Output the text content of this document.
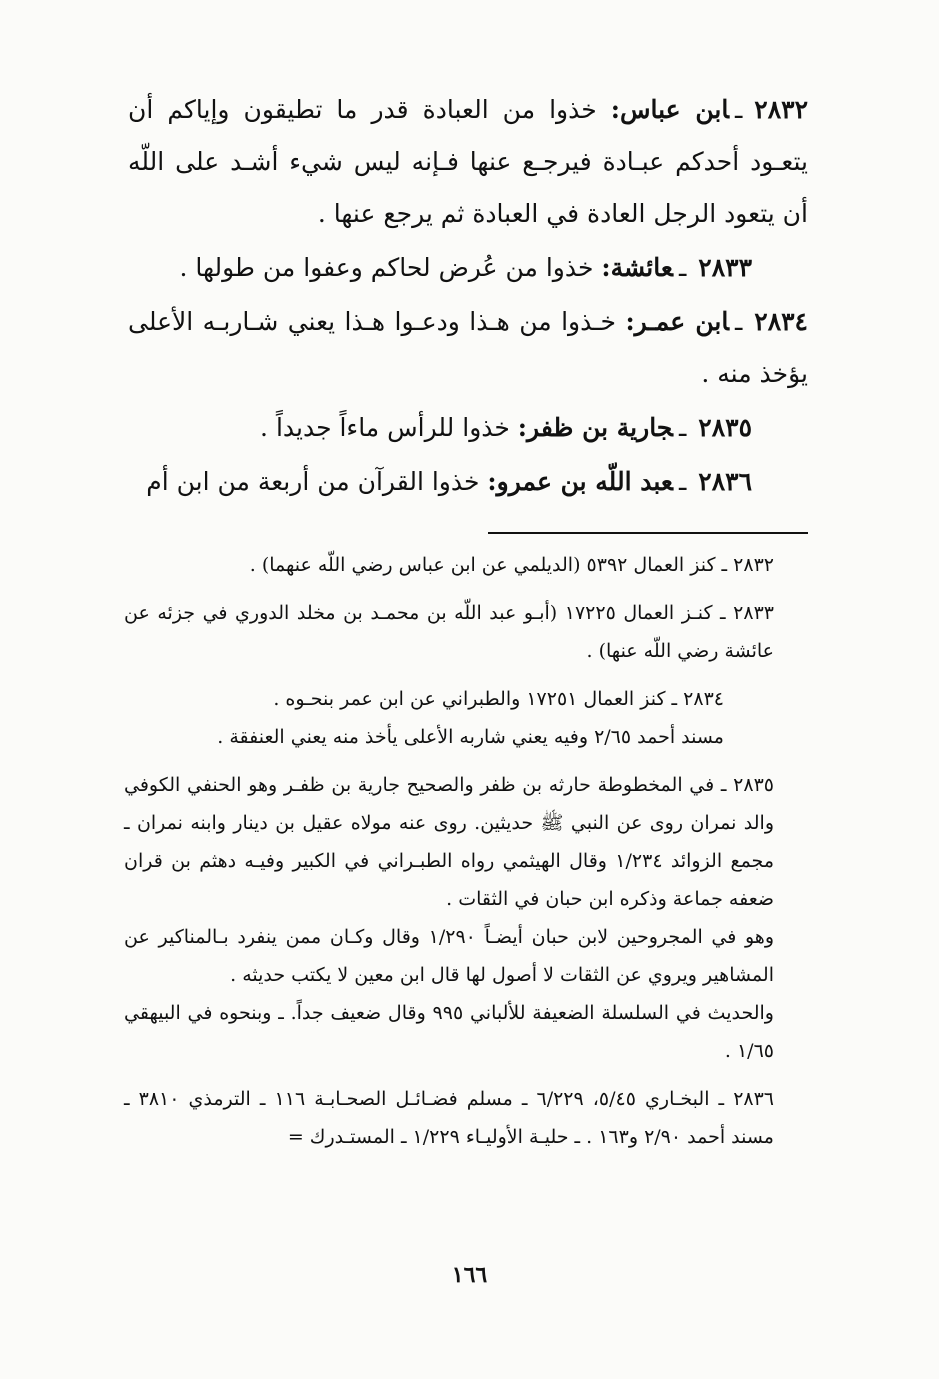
٢٨٣٢ـابن عباس: خذوا من العبادة قدر ما تطيقون وإياكم أن يتعـود أحدكم عبـادة فيرجـع عنها فـإنه ليس شيء أشـد على اللّه أن يتعود الرجل العادة في العبادة ثم يرجع عنها .

٢٨٣٣ـعائشة: خذوا من عُرض لحاكم وعفوا من طولها .

٢٨٣٤ـابن عمـر: خـذوا من هـذا ودعـوا هـذا يعني شـاربـه الأعلى يؤخذ منه .

٢٨٣٥ـجارية بن ظفر: خذوا للرأس ماءاً جديداً .

٢٨٣٦ـعبد اللّه بن عمرو: خذوا القرآن من أربعة من ابن أم

٢٨٣٢ ـ كنز العمال ٥٣٩٢ (الديلمي عن ابن عباس رضي اللّه عنهما) .

٢٨٣٣ ـ كنـز العمال ١٧٢٢٥ (أبـو عبد اللّه بن محمـد بن مخلد الدوري في جزئه عن عائشة رضي اللّه عنها) .

٢٨٣٤ ـ كنز العمال ١٧٢٥١ والطبراني عن ابن عمر بنحـوه .
مسند أحمد ٢/٦٥ وفيه يعني شاربه الأعلى يأخذ منه يعني العنفقة .

٢٨٣٥ ـ في المخطوطة حارثه بن ظفر والصحيح جارية بن ظفـر وهو الحنفي الكوفي والد نمران روى عن النبي ﷺ حديثين. روى عنه مولاه عقيل بن دينار وابنه نمران ـ مجمع الزوائد ١/٢٣٤ وقال الهيثمي رواه الطبـراني في الكبير وفيـه دهثم بن قران ضعفه جماعة وذكره ابن حبان في الثقات .
وهو في المجروحين لابن حبان أيضـاً ١/٢٩٠ وقال وكـان ممن ينفرد بـالمناكير عن المشاهير ويروي عن الثقات لا أصول لها قال ابن معين لا يكتب حديثه .
والحديث في السلسلة الضعيفة للألباني ٩٩٥ وقال ضعيف جداً. ـ وبنحوه في البيهقي ١/٦٥ .

٢٨٣٦ ـ البخـاري ٥/٤٥، ٦/٢٢٩ ـ مسلم فضـائـل الصحـابـة ١١٦ ـ الترمذي ٣٨١٠ ـ مسند أحمد ٢/٩٠ و١٦٣ . ـ حليـة الأوليـاء ١/٢٢٩ ـ المستـدرك =

١٦٦
